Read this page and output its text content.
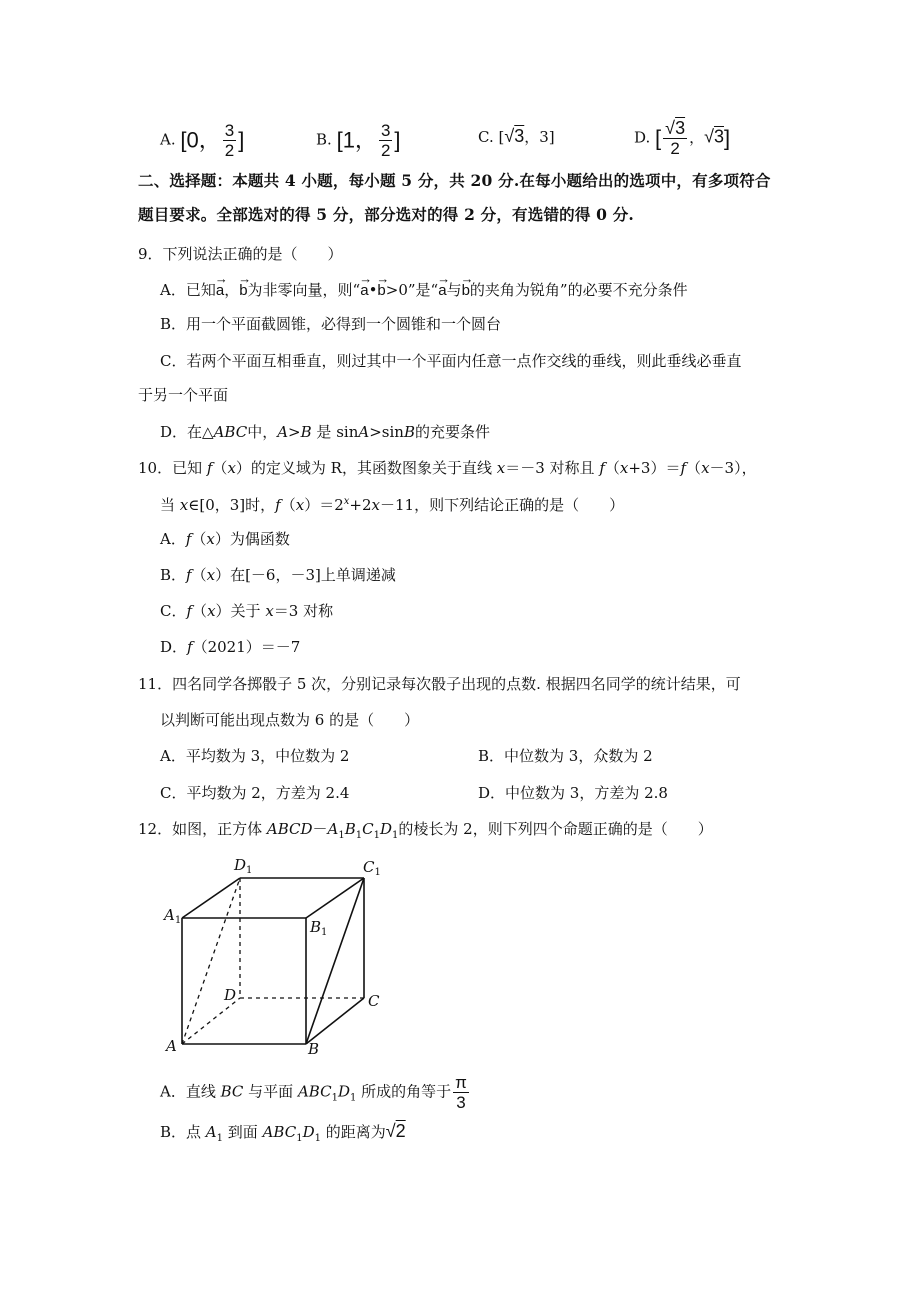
A. [0， $\frac{3}{2}$ ]	B. [1， $\frac{3}{2}$ ]	C. [√3，3]	D. [ $\frac{√3}{2}$ ，√3]
二、选择题：本题共 4 小题，每小题 5 分，共 20 分.在每小题给出的选项中，有多项符合
题目要求。全部选对的得 5 分，部分选对的得 2 分，有选错的得 0 分.
9．下列说法正确的是（　　）
A．已知→ a，→ b为非零向量，则“→ a•→ b>0”是“→ a与→ b的夹角为锐角”的必要不充分条件
B．用一个平面截圆锥，必得到一个圆锥和一个圆台
C．若两个平面互相垂直，则过其中一个平面内任意一点作交线的垂线，则此垂线必垂直
于另一个平面
D．在△ABC中，A>B 是 sinA>sinB的充要条件
10．已知 f（x）的定义域为 R，其函数图象关于直线 x＝－3 对称且 f（x+3）＝f（x－3），
当 x∈[0，3]时，$f(x)=2^x+2x-11$，则下列结论正确的是（　　）
A．f（x）为偶函数
B．f（x）在[－6，－3]上单调递减
C．f（x）关于 x＝3 对称
D．f（2021）＝－7
11．四名同学各掷骰子 5 次，分别记录每次骰子出现的点数. 根据四名同学的统计结果，可
以判断可能出现点数为 6 的是（　　）
A．平均数为 3，中位数为 2	B．中位数为 3，众数为 2
C．平均数为 2，方差为 2.4	D．中位数为 3，方差为 2.8
12．如图，正方体 $ABCD-A_1B_1C_1D_1$的棱长为 2，则下列四个命题正确的是（　　）
$D_1$	$C_1$
$A_1$	$B_1$
D	C
A	B
A．直线 BC 与平面 $ABC_1D_1$ 所成的角等于 $\frac{\pi}{3}$
B．点 $A_1$ 到面 $ABC_1D_1$ 的距离为√2
